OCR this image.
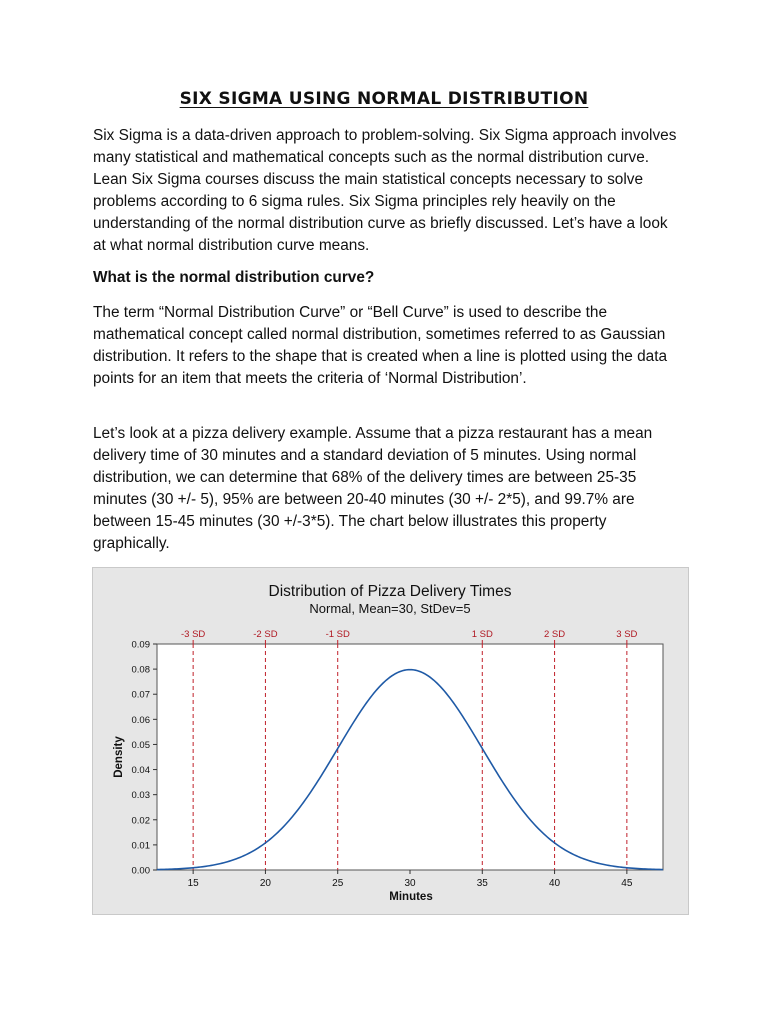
SIX SIGMA USING NORMAL DISTRIBUTION
Six Sigma is a data-driven approach to problem-solving. Six Sigma approach involves many statistical and mathematical concepts such as the normal distribution curve. Lean Six Sigma courses discuss the main statistical concepts necessary to solve problems according to 6 sigma rules. Six Sigma principles rely heavily on the understanding of the normal distribution curve as briefly discussed. Let’s have a look at what normal distribution curve means.
What is the normal distribution curve?
The term “Normal Distribution Curve” or “Bell Curve” is used to describe the mathematical concept called normal distribution, sometimes referred to as Gaussian distribution. It refers to the shape that is created when a line is plotted using the data points for an item that meets the criteria of ‘Normal Distribution’.
Let’s look at a pizza delivery example. Assume that a pizza restaurant has a mean delivery time of 30 minutes and a standard deviation of 5 minutes. Using normal distribution, we can determine that 68% of the delivery times are between 25-35 minutes (30 +/- 5), 95% are between 20-40 minutes (30 +/- 2*5), and 99.7% are between 15-45 minutes (30 +/-3*5). The chart below illustrates this property graphically.
Distribution of Pizza Delivery Times
Normal, Mean=30, StDev=5
-3 SD	-2 SD	-1 SD	1 SD	2 SD	3 SD
0.00
0.01
0.02
0.03
0.04
0.05
0.06
0.07
0.08
0.09
15	20	25	30	35	40	45
Minutes
Density
